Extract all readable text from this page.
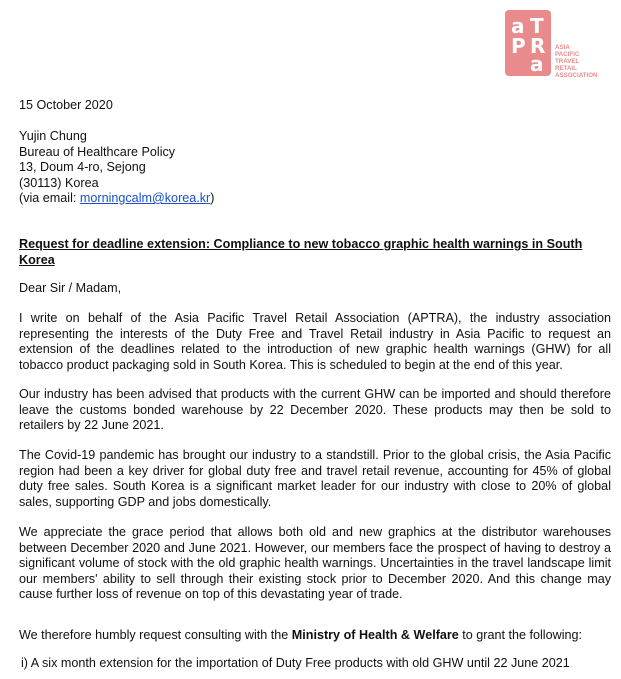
a T
P R
a
ASIA
PACIFIC
TRAVEL
RETAIL
ASSOCIATION
15 October 2020
Yujin Chung
Bureau of Healthcare Policy
13, Doum 4-ro, Sejong
(30113) Korea
(via email: morningcalm@korea.kr)
Request for deadline extension: Compliance to new tobacco graphic health warnings in South Korea
Dear Sir / Madam,
I write on behalf of the Asia Pacific Travel Retail Association (APTRA), the industry association representing the interests of the Duty Free and Travel Retail industry in Asia Pacific to request an extension of the deadlines related to the introduction of new graphic health warnings (GHW) for all tobacco product packaging sold in South Korea. This is scheduled to begin at the end of this year.
Our industry has been advised that products with the current GHW can be imported and should therefore leave the customs bonded warehouse by 22 December 2020. These products may then be sold to retailers by 22 June 2021.
The Covid-19 pandemic has brought our industry to a standstill. Prior to the global crisis, the Asia Pacific region had been a key driver for global duty free and travel retail revenue, accounting for 45% of global duty free sales. South Korea is a significant market leader for our industry with close to 20% of global sales, supporting GDP and jobs domestically.
We appreciate the grace period that allows both old and new graphics at the distributor warehouses between December 2020 and June 2021. However, our members face the prospect of having to destroy a significant volume of stock with the old graphic health warnings. Uncertainties in the travel landscape limit our members' ability to sell through their existing stock prior to December 2020. And this change may cause further loss of revenue on top of this devastating year of trade.
We therefore humbly request consulting with the Ministry of Health & Welfare to grant the following:
i) A six month extension for the importation of Duty Free products with old GHW until 22 June 2021
